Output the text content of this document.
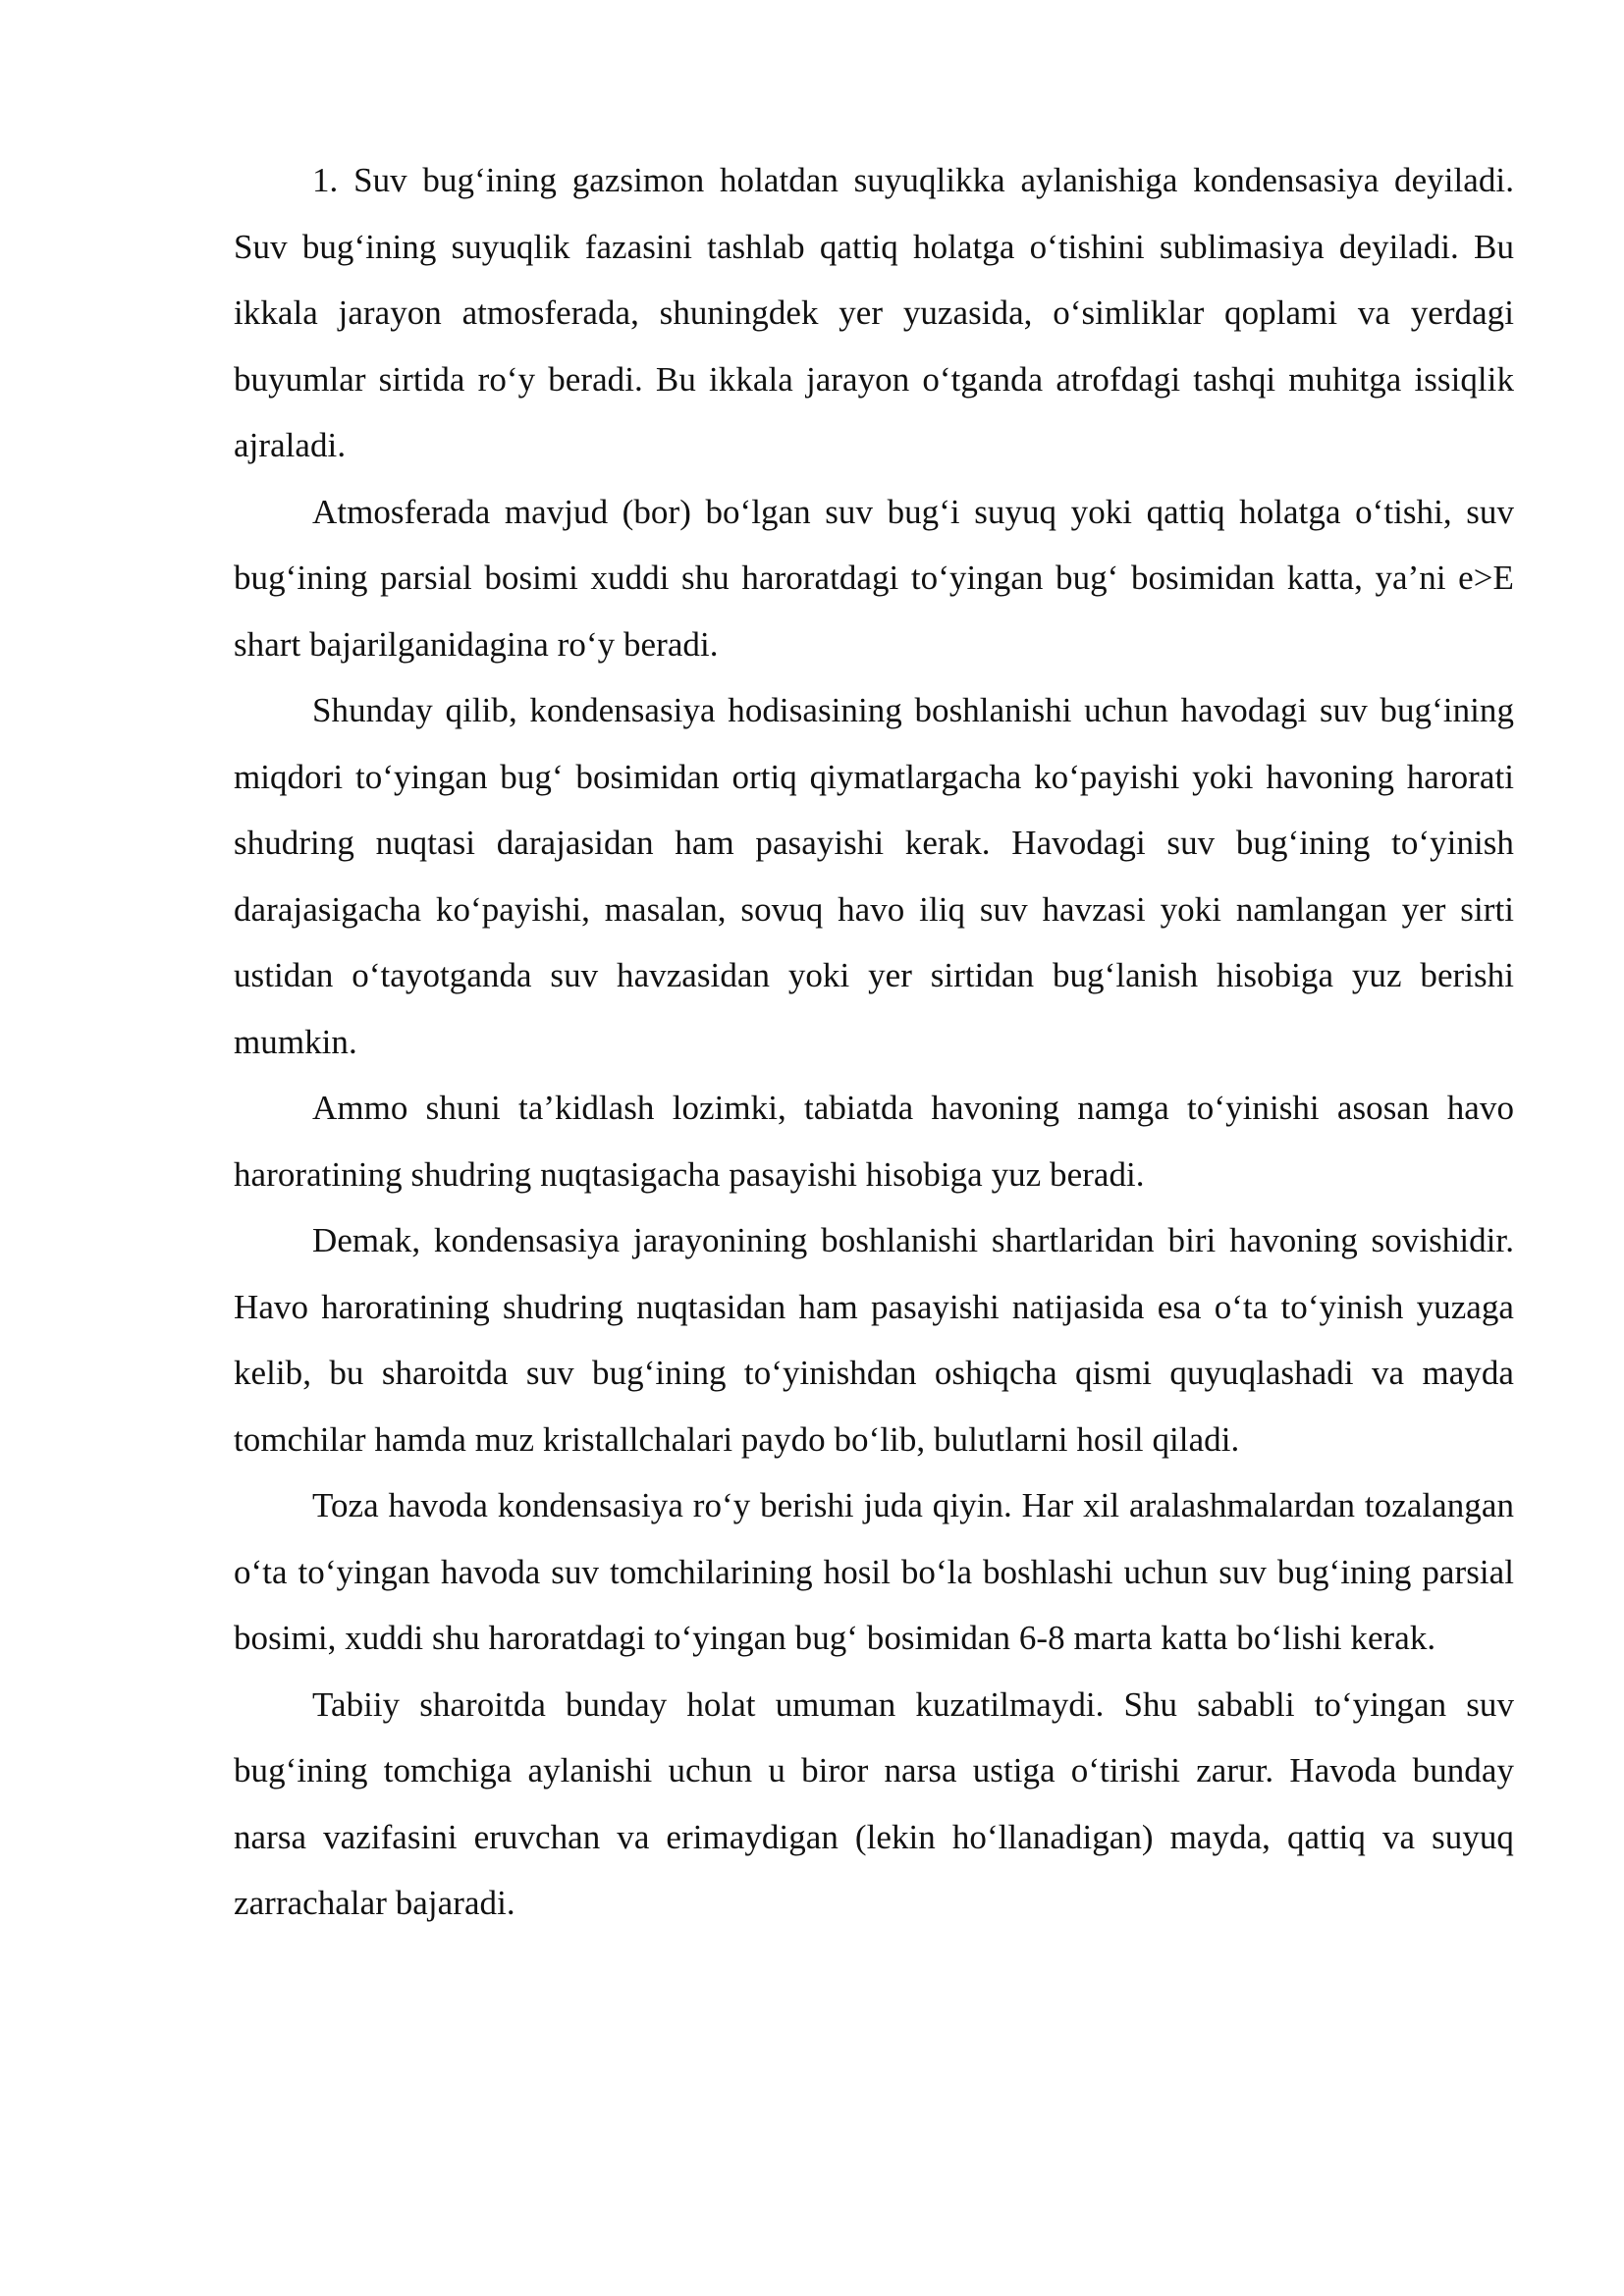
1. Suv bug‘ining gazsimon holatdan suyuqlikka aylanishiga kondensasiya deyiladi. Suv bug‘ining suyuqlik fazasini tashlab qattiq holatga o‘tishini sublimasiya deyiladi. Bu ikkala jarayon atmosferada, shuningdek yer yuzasida, o‘simliklar qoplami va yerdagi buyumlar sirtida ro‘y beradi. Bu ikkala jarayon o‘tganda atrofdagi tashqi muhitga issiqlik ajraladi.

Atmosferada mavjud (bor) bo‘lgan suv bug‘i suyuq yoki qattiq holatga o‘tishi, suv bug‘ining parsial bosimi xuddi shu haroratdagi to‘yingan bug‘ bosimidan katta, ya’ni e>E shart bajarilganidagina ro‘y beradi.

Shunday qilib, kondensasiya hodisasining boshlanishi uchun havodagi suv bug‘ining miqdori to‘yingan bug‘ bosimidan ortiq qiymatlargacha ko‘payishi yoki havoning harorati shudring nuqtasi darajasidan ham pasayishi kerak. Havodagi suv bug‘ining to‘yinish darajasigacha ko‘payishi, masalan, sovuq havo iliq suv havzasi yoki namlangan yer sirti ustidan o‘tayotganda suv havzasidan yoki yer sirtidan bug‘lanish hisobiga yuz berishi mumkin.

Ammo shuni ta’kidlash lozimki, tabiatda havoning namga to‘yinishi asosan havo haroratining shudring nuqtasigacha pasayishi hisobiga yuz beradi.

Demak, kondensasiya jarayonining boshlanishi shartlaridan biri havoning sovishidir. Havo haroratining shudring nuqtasidan ham pasayishi natijasida esa o‘ta to‘yinish yuzaga kelib, bu sharoitda suv bug‘ining to‘yinishdan oshiqcha qismi quyuqlashadi va mayda tomchilar hamda muz kristallchalari paydo bo‘lib, bulutlarni hosil qiladi.

Toza havoda kondensasiya ro‘y berishi juda qiyin. Har xil aralashmalardan tozalangan o‘ta to‘yingan havoda suv tomchilarining hosil bo‘la boshlashi uchun suv bug‘ining parsial bosimi, xuddi shu haroratdagi to‘yingan bug‘ bosimidan 6-8 marta katta bo‘lishi kerak.

Tabiiy sharoitda bunday holat umuman kuzatilmaydi. Shu sababli to‘yingan suv bug‘ining tomchiga aylanishi uchun u biror narsa ustiga o‘tirishi zarur. Havoda bunday narsa vazifasini eruvchan va erimaydigan (lekin ho‘llanadigan) mayda, qattiq va suyuq zarrachalar bajaradi.
